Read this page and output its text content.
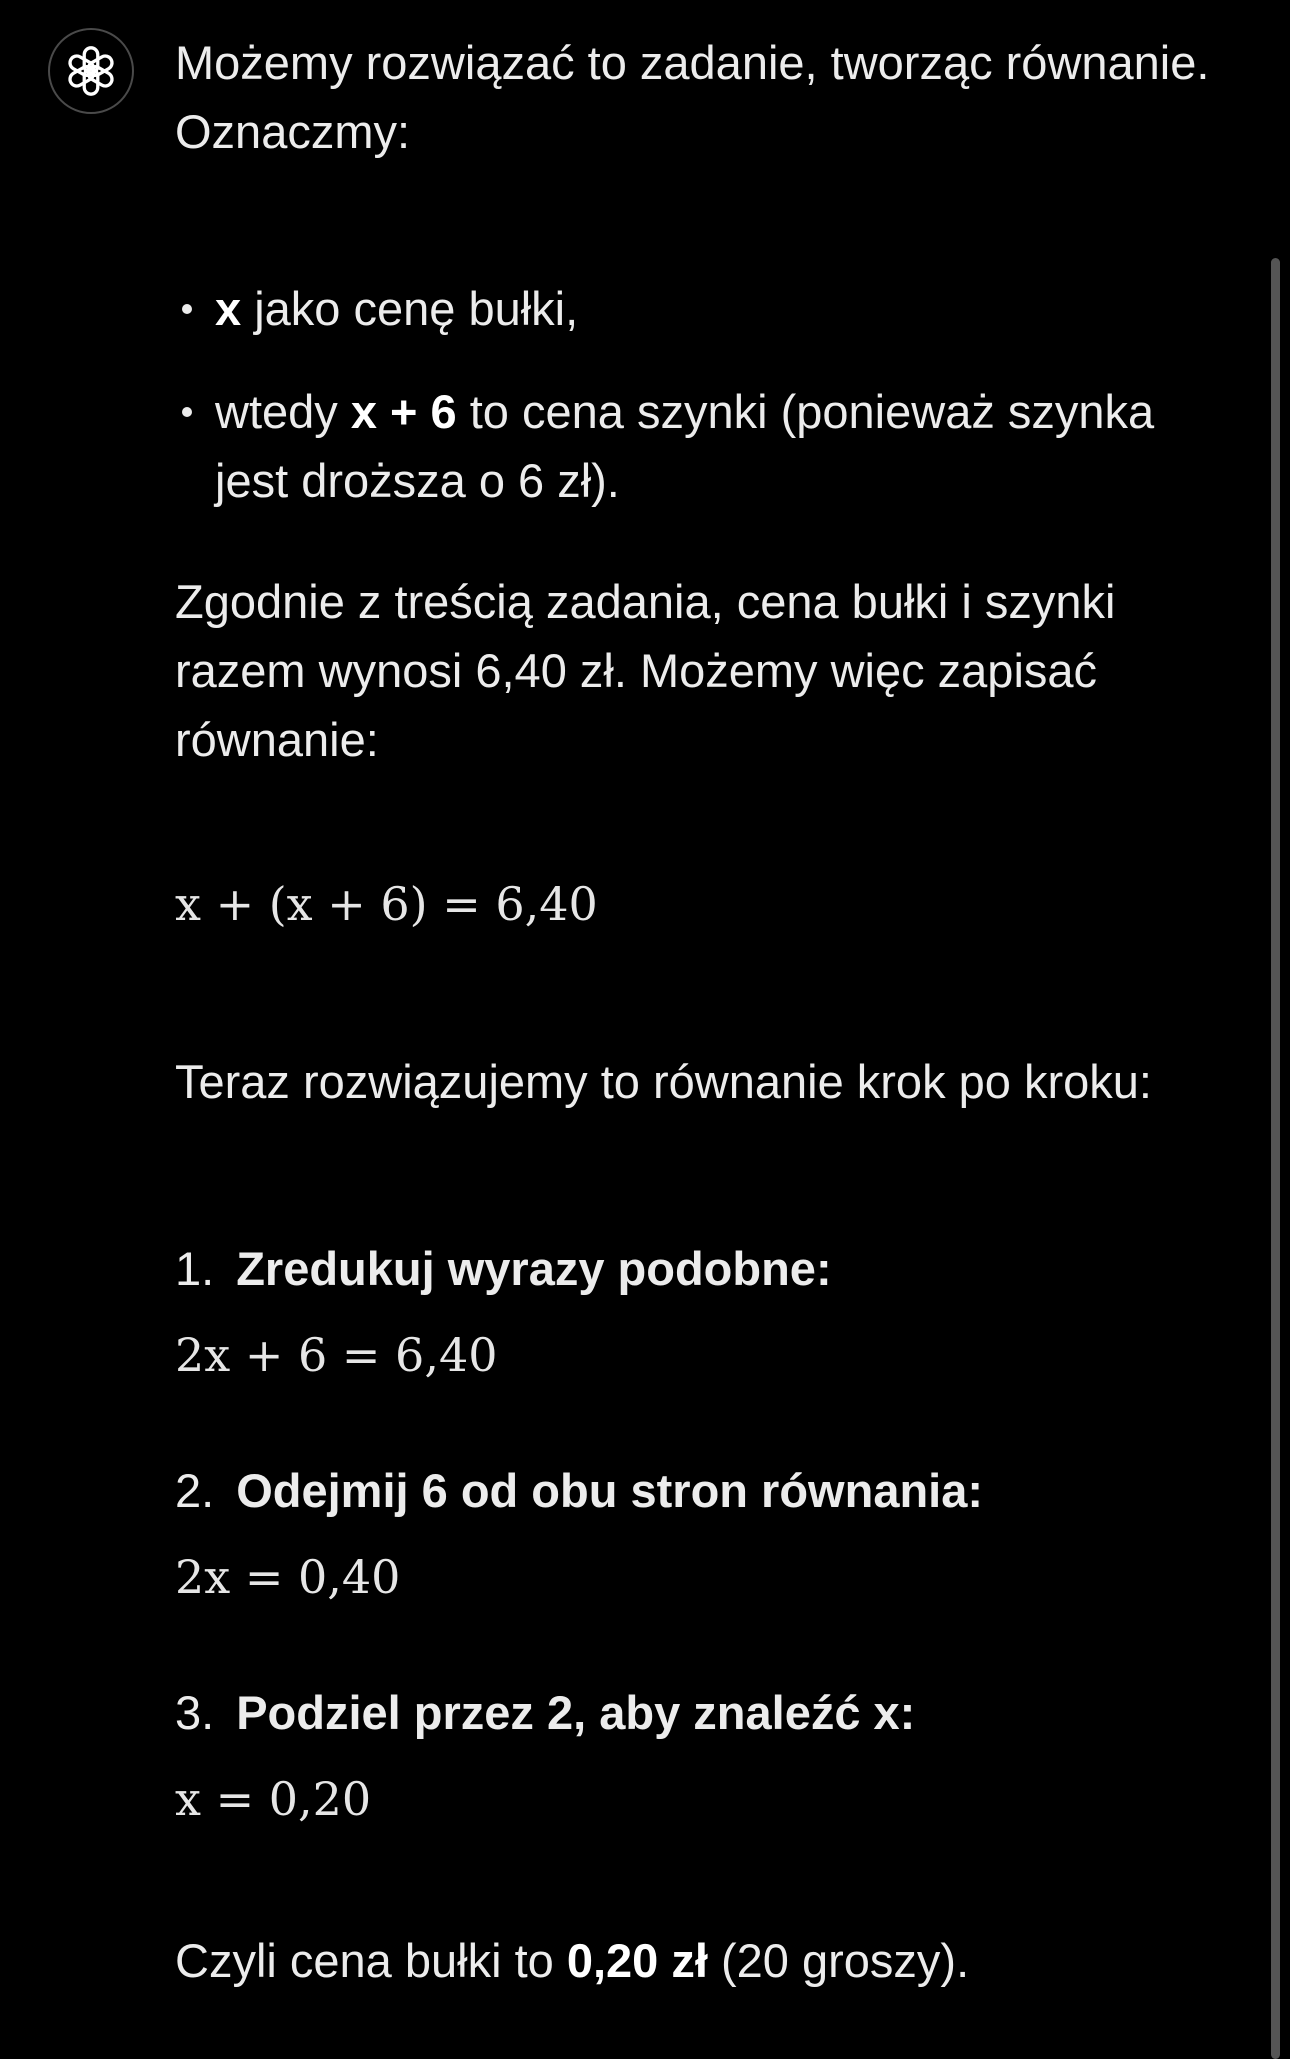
Możemy rozwiązać to zadanie, tworząc równanie. Oznaczmy:

x jako cenę bułki,
wtedy x + 6 to cena szynki (ponieważ szynka jest droższa o 6 zł).

Zgodnie z treścią zadania, cena bułki i szynki razem wynosi 6,40 zł. Możemy więc zapisać równanie:

x + (x + 6) = 6,40

Teraz rozwiązujemy to równanie krok po kroku:

1. Zredukuj wyrazy podobne:
2x + 6 = 6,40
2. Odejmij 6 od obu stron równania:
2x = 0,40
3. Podziel przez 2, aby znaleźć x:
x = 0,20

Czyli cena bułki to 0,20 zł (20 groszy).
